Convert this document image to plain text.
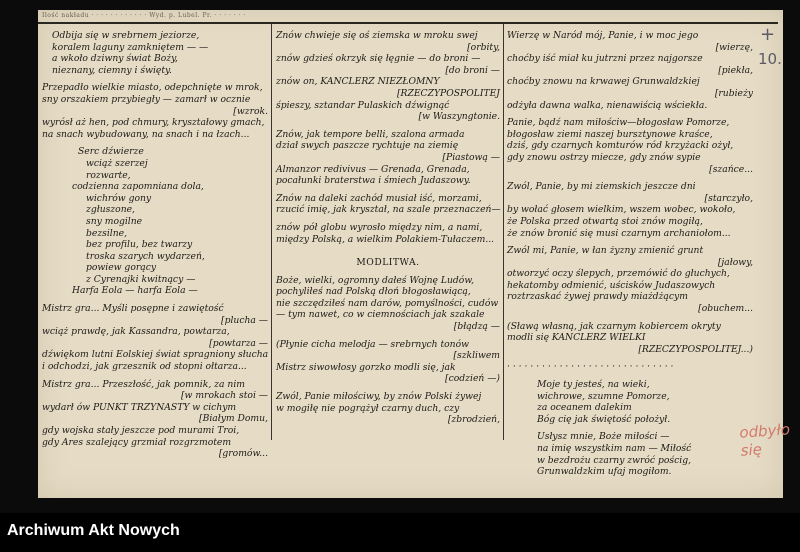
Ilość nakładu · · · · · · · · · · · · Wyd. p. Lubel. Pr. · · · · · · ·
Odbija się w srebrnem jeziorze,
koralem laguny zamkniętem — —
a wkoło dziwny świat Boży,
nieznany, ciemny i święty.
Przepadło wielkie miasto, odepchnięte w mrok,
sny orszakiem przybiegły — zamarł w ocznie
[wzrok.
wyrósł aż hen, pod chmury, kryształowy gmach,
na snach wybudowany, na snach i na łzach...
Serc dźwierze
wciąż szerzej
rozwarte,
codzienna zapomniana dola,
wichrów gony
zgłuszone,
sny mogilne
bezsilne,
bez profilu, bez twarzy
troska szarych wydarzeń,
powiew gorący
z Cyrenajki kwitnący —
Harfa Eola — harfa Eola —
Mistrz gra... Myśli posępne i zawiętość
[plucha —
wciąż prawdę, jak Kassandra, powtarza,
[powtarza —
dźwiękom lutni Eolskiej świat spragniony słucha
i odchodzi, jak grzesznik od stopni ołtarza...
Mistrz gra... Przeszłość, jak pomnik, za nim
[w mrokach stoi —
wydarł ów PUNKT TRZYNASTY w cichym
[Białym Domu,
gdy wojska stały jeszcze pod murami Troi,
gdy Ares szalejący grzmiał rozgrzmotem
[gromów...
Znów chwieje się oś ziemska w mroku swej
[orbity,
znów gdzieś okrzyk się łęgnie — do broni —
[do broni —
znów on, KANCLERZ NIEZŁOMNY
[RZECZYPOSPOLITEJ
śpieszy, sztandar Pulaskich dźwignąć
[w Waszyngtonie.
Znów, jak tempore belli, szalona armada
dział swych paszcze rychtuje na ziemię
[Piastową —
Almanzor redivivus — Grenada, Grenada,
pocałunki braterstwa i śmiech Judaszowy.
Znów na daleki zachód musiał iść, morzami,
rzucić imię, jak kryształ, na szale przeznaczeń—
znów pół globu wyrosło między nim, a nami,
między Polską, a wielkim Polakiem-Tułaczem...
MODLITWA.
Boże, wielki, ogromny dałeś Wojnę Ludów,
pochyliłeś nad Polską dłoń błogosławiącą,
nie szczędziłeś nam darów, pomyślności, cudów
— tym nawet, co w ciemnościach jak szakale
[błądzą —
(Płynie cicha melodja — srebrnych tonów
[szkliwem
Mistrz siwowłosy gorzko modli się, jak
[codzień —)
Zwól, Panie miłościwy, by znów Polski żywej
w mogiłę nie pogrążył czarny duch, czy
[zbrodzień,
Wierzę w Naród mój, Panie, i w moc jego
[wierzę,
choćby iść miał ku jutrzni przez najgorsze
[piekła,
choćby znowu na krwawej Grunwaldzkiej
[rubieży
odżyła dawna walka, nienawiścią wściekła.
Panie, bądź nam miłościw—błogosław Pomorze,
błogosław ziemi naszej bursztynowe kraśce,
dziś, gdy czarnych komturów ród krzyżacki ożył,
gdy znowu ostrzy miecze, gdy znów sypie
[szańce...
Zwól, Panie, by mi ziemskich jeszcze dni
[starczyło,
by wołać głosem wielkim, wszem wobec, wokoło,
że Polska przed otwartą stoi znów mogiłą,
że znów bronić się musi czarnym archaniołom...
Zwól mi, Panie, w łan żyzny zmienić grunt
[jałowy,
otworzyć oczy ślepych, przemówić do głuchych,
hekatomby odmienić, uścisków Judaszowych
roztrzaskać żywej prawdy miażdżącym
[obuchem...
(Sławą własną, jak czarnym kobiercem okryty
modli się KANCLERZ WIELKI
[RZECZYPOSPOLITEJ...)
· · · · · · · · · · · · · · · · · · · · · · · · · · · · ·
Moje ty jesteś, na wieki,
wichrowe, szumne Pomorze,
za oceanem dalekim
Bóg cię jak świętość położył.
Usłysz mnie, Boże miłości —
na imię wszystkim nam — Miłość
w bezdrożu czarny zwróć pościg,
Grunwaldzkim ufaj mogiłom.
10.
+
odbyło się
Archiwum Akt Nowych
